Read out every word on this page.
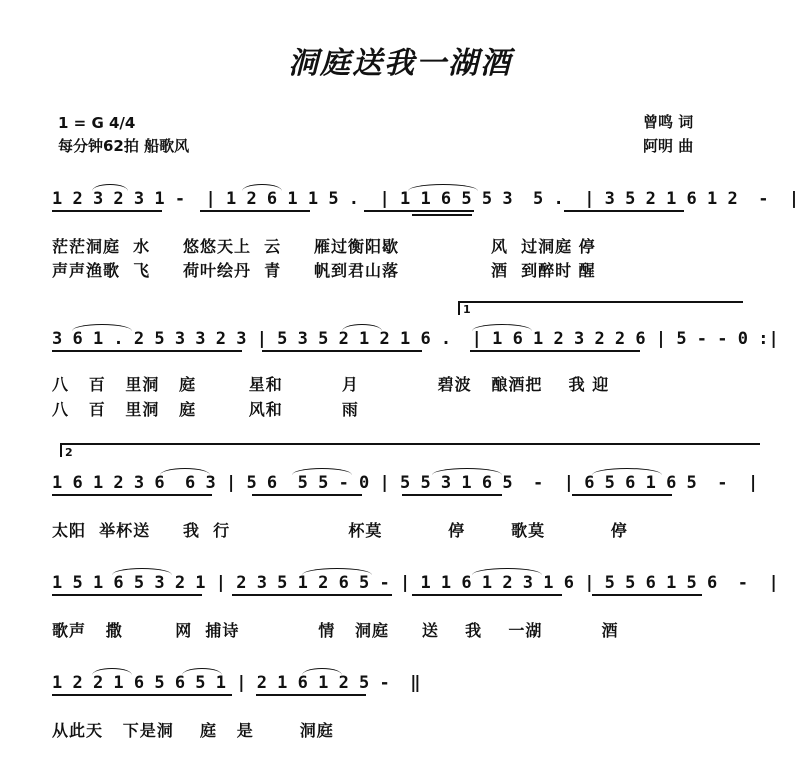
洞庭送我一湖酒
1 = G 4/4
每分钟62拍 船歌风
曾鸣 词
阿明 曲
1 2 3 2 3 1 -  | 1 2 6 1 1 5 .  | 1 1 6 5 5 3  5 .  | 3 5 2 1 6 1 2  -  |
茫茫洞庭  水     悠悠天上  云     雁过衡阳歇              风  过洞庭 停
声声渔歌  飞     荷叶绘丹  青     帆到君山落              酒  到醉时 醒
1
3 6 1 . 2 5 3 3 2 3 | 5 3 5 2 1 2 1 6 .  | 1 6 1 2 3 2 2 6 | 5 - - 0 :|
八   百   里洞   庭        星和         月            碧波   酿酒把    我 迎
八   百   里洞   庭        风和         雨
2
1 6 1 2 3 6  6 3 | 5 6  5 5 - 0 | 5 5 3 1 6 5  -  | 6 5 6 1 6 5  -  |
太阳  举杯送     我  行                  杯莫          停       歌莫          停
1 5 1 6 5 3 2 1 | 2 3 5 1 2 6 5 - | 1 1 6 1 2 3 1 6 | 5 5 6 1 5 6  -  |
歌声   撒        网  捕诗            情   洞庭     送    我    一湖         酒
1 2 2 1 6 5 6 5 1 | 2 1 6 1 2 5 -  ‖
从此天   下是洞    庭   是       洞庭
